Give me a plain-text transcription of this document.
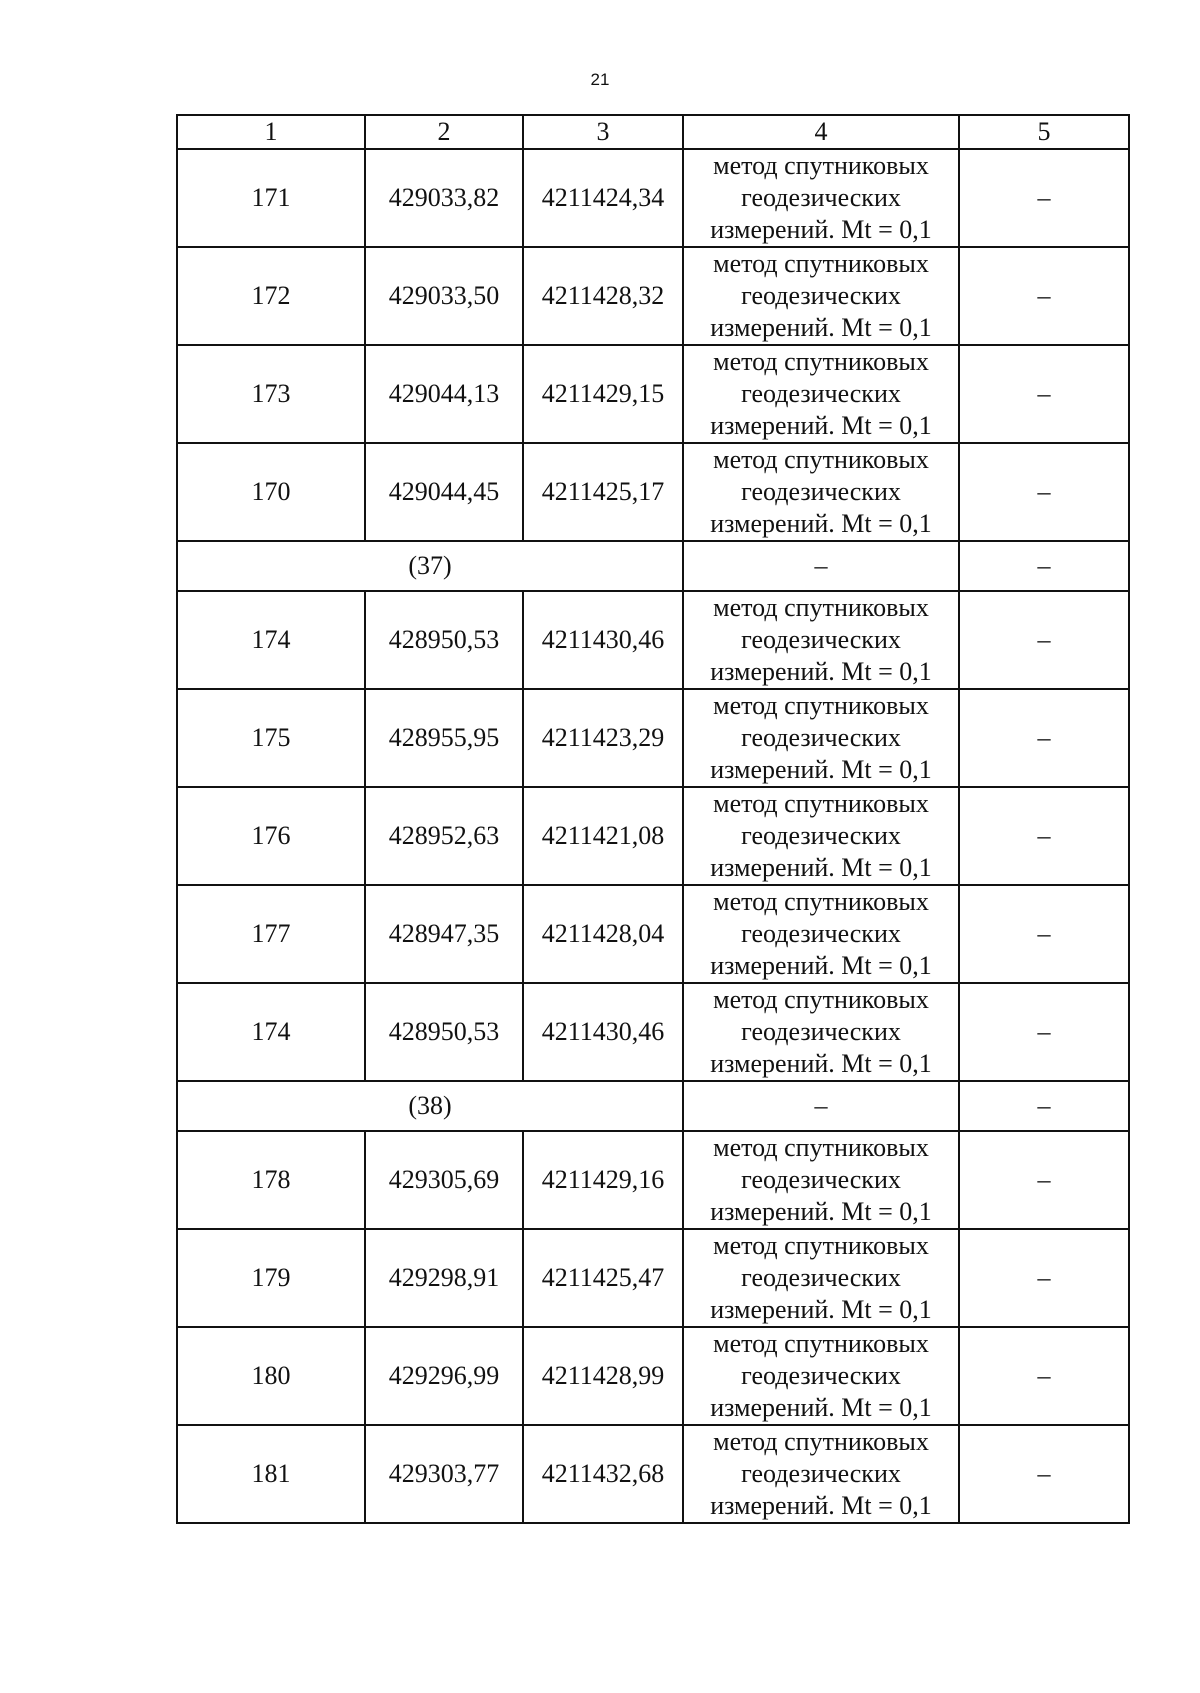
21
1	2	3	4	5
171	429033,82	4211424,34	метод спутниковых
геодезических
измерений. Mt = 0,1	–
172	429033,50	4211428,32	метод спутниковых
геодезических
измерений. Mt = 0,1	–
173	429044,13	4211429,15	метод спутниковых
геодезических
измерений. Mt = 0,1	–
170	429044,45	4211425,17	метод спутниковых
геодезических
измерений. Mt = 0,1	–
(37)			–	–
174	428950,53	4211430,46	метод спутниковых
геодезических
измерений. Mt = 0,1	–
175	428955,95	4211423,29	метод спутниковых
геодезических
измерений. Mt = 0,1	–
176	428952,63	4211421,08	метод спутниковых
геодезических
измерений. Mt = 0,1	–
177	428947,35	4211428,04	метод спутниковых
геодезических
измерений. Mt = 0,1	–
174	428950,53	4211430,46	метод спутниковых
геодезических
измерений. Mt = 0,1	–
(38)			–	–
178	429305,69	4211429,16	метод спутниковых
геодезических
измерений. Mt = 0,1	–
179	429298,91	4211425,47	метод спутниковых
геодезических
измерений. Mt = 0,1	–
180	429296,99	4211428,99	метод спутниковых
геодезических
измерений. Mt = 0,1	–
181	429303,77	4211432,68	метод спутниковых
геодезических
измерений. Mt = 0,1	–
